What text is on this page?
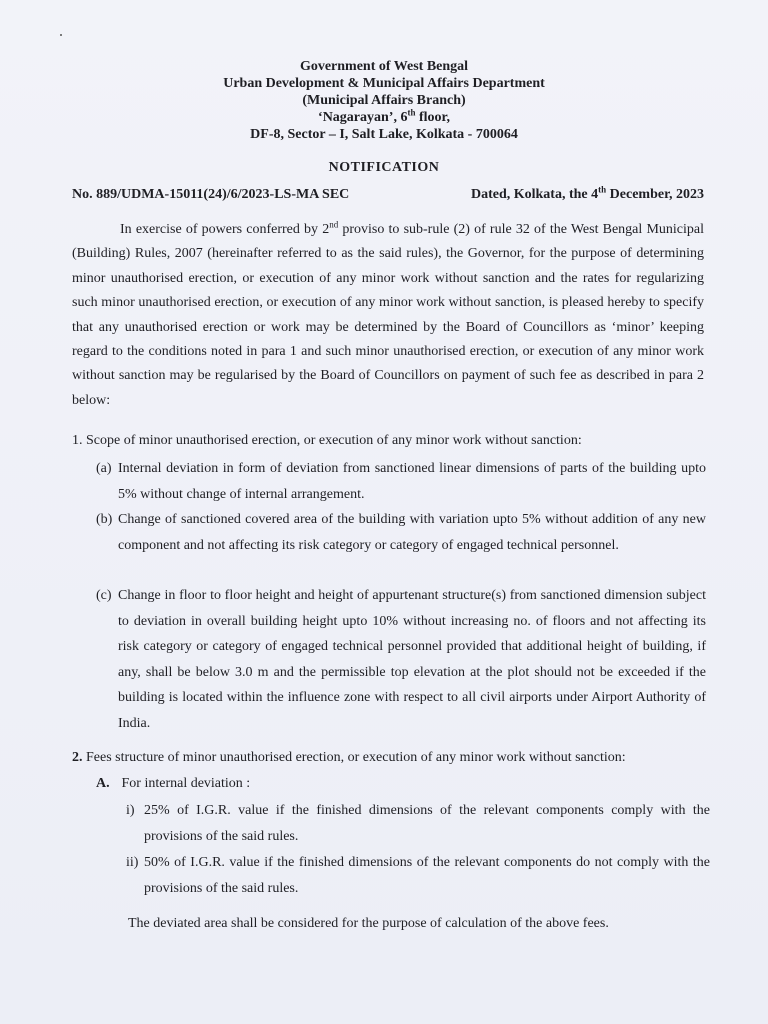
Government of West Bengal
Urban Development & Municipal Affairs Department
(Municipal Affairs Branch)
‘Nagarayan’, 6th floor,
DF-8, Sector – I, Salt Lake, Kolkata - 700064
NOTIFICATION
No. 889/UDMA-15011(24)/6/2023-LS-MA SEC	Dated, Kolkata, the 4th December, 2023
In exercise of powers conferred by 2nd proviso to sub-rule (2) of rule 32 of the West Bengal Municipal (Building) Rules, 2007 (hereinafter referred to as the said rules), the Governor, for the purpose of determining minor unauthorised erection, or execution of any minor work without sanction and the rates for regularizing such minor unauthorised erection, or execution of any minor work without sanction, is pleased hereby to specify that any unauthorised erection or work may be determined by the Board of Councillors as ‘minor’ keeping regard to the conditions noted in para 1 and such minor unauthorised erection, or execution of any minor work without sanction may be regularised by the Board of Councillors on payment of such fee as described in para 2 below:
1. Scope of minor unauthorised erection, or execution of any minor work without sanction:
(a) Internal deviation in form of deviation from sanctioned linear dimensions of parts of the building upto 5% without change of internal arrangement.
(b) Change of sanctioned covered area of the building with variation upto 5% without addition of any new component and not affecting its risk category or category of engaged technical personnel.
(c) Change in floor to floor height and height of appurtenant structure(s) from sanctioned dimension subject to deviation in overall building height upto 10% without increasing no. of floors and not affecting its risk category or category of engaged technical personnel provided that additional height of building, if any, shall be below 3.0 m and the permissible top elevation at the plot should not be exceeded if the building is located within the influence zone with respect to all civil airports under Airport Authority of India.
2. Fees structure of minor unauthorised erection, or execution of any minor work without sanction:
A. For internal deviation :
i) 25% of I.G.R. value if the finished dimensions of the relevant components comply with the provisions of the said rules.
ii) 50% of I.G.R. value if the finished dimensions of the relevant components do not comply with the provisions of the said rules.
The deviated area shall be considered for the purpose of calculation of the above fees.
